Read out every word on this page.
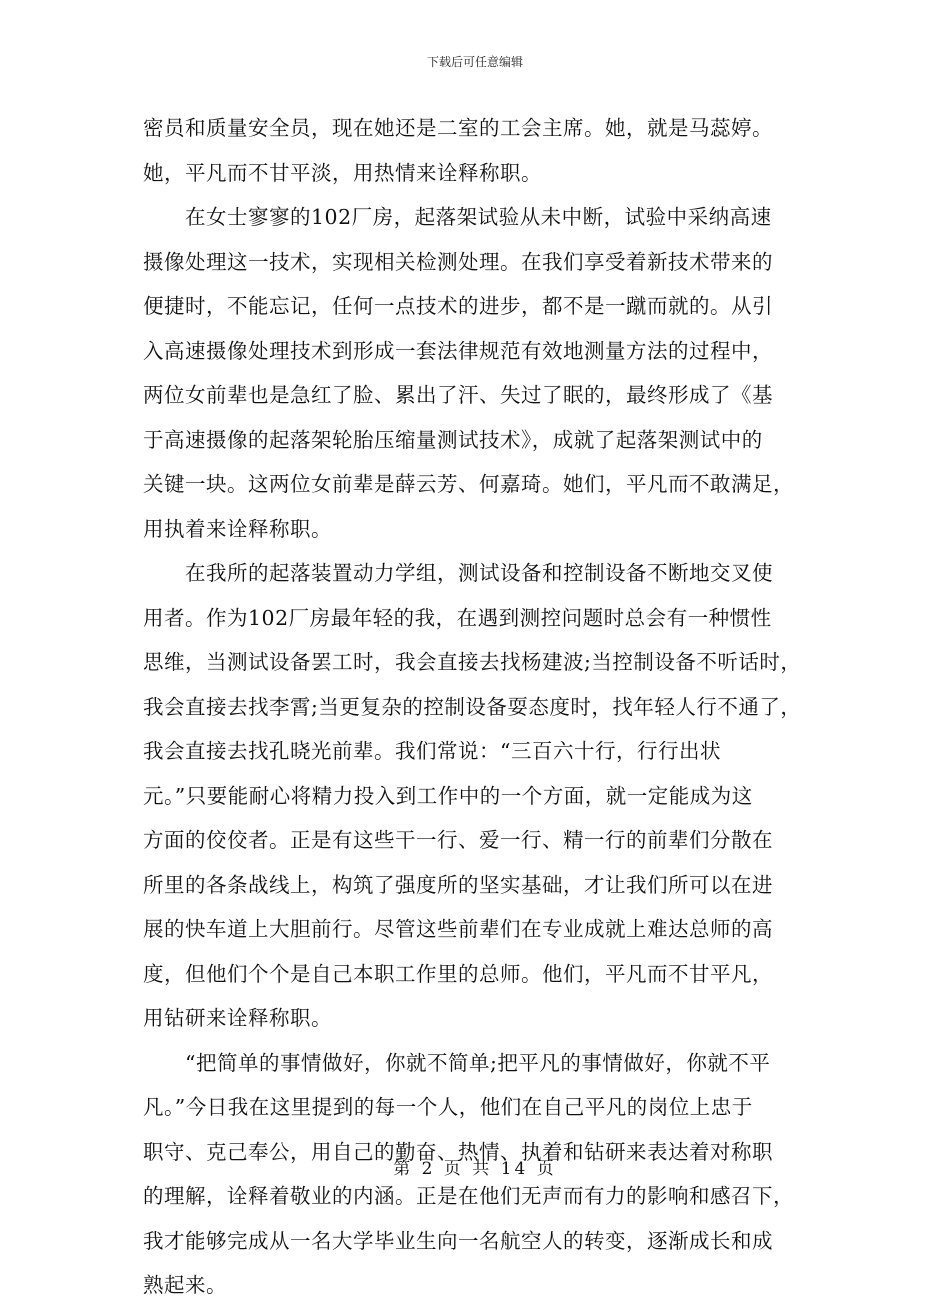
下载后可任意编辑
密员和质量安全员，现在她还是二室的工会主席。她，就是马蕊婷。
她，平凡而不甘平淡，用热情来诠释称职。
　　在女士寥寥的102厂房，起落架试验从未中断，试验中采纳高速
摄像处理这一技术，实现相关检测处理。在我们享受着新技术带来的
便捷时，不能忘记，任何一点技术的进步，都不是一蹴而就的。从引
入高速摄像处理技术到形成一套法律规范有效地测量方法的过程中，
两位女前辈也是急红了脸、累出了汗、失过了眠的，最终形成了《基
于高速摄像的起落架轮胎压缩量测试技术》，成就了起落架测试中的
关键一块。这两位女前辈是薛云芳、何嘉琦。她们，平凡而不敢满足，
用执着来诠释称职。
　　在我所的起落装置动力学组，测试设备和控制设备不断地交叉使
用者。作为102厂房最年轻的我，在遇到测控问题时总会有一种惯性
思维，当测试设备罢工时，我会直接去找杨建波;当控制设备不听话时，
我会直接去找李霄;当更复杂的控制设备耍态度时，找年轻人行不通了，
我会直接去找孔晓光前辈。我们常说：“三百六十行，行行出状
元。”只要能耐心将精力投入到工作中的一个方面，就一定能成为这
方面的佼佼者。正是有这些干一行、爱一行、精一行的前辈们分散在
所里的各条战线上，构筑了强度所的坚实基础，才让我们所可以在进
展的快车道上大胆前行。尽管这些前辈们在专业成就上难达总师的高
度，但他们个个是自己本职工作里的总师。他们，平凡而不甘平凡，
用钻研来诠释称职。
　　“把简单的事情做好，你就不简单;把平凡的事情做好，你就不平
凡。”今日我在这里提到的每一个人，他们在自己平凡的岗位上忠于
职守、克己奉公，用自己的勤奋、热情、执着和钻研来表达着对称职
的理解，诠释着敬业的内涵。正是在他们无声而有力的影响和感召下，
我才能够完成从一名大学毕业生向一名航空人的转变，逐渐成长和成
熟起来。
第 2 页 共 14 页
